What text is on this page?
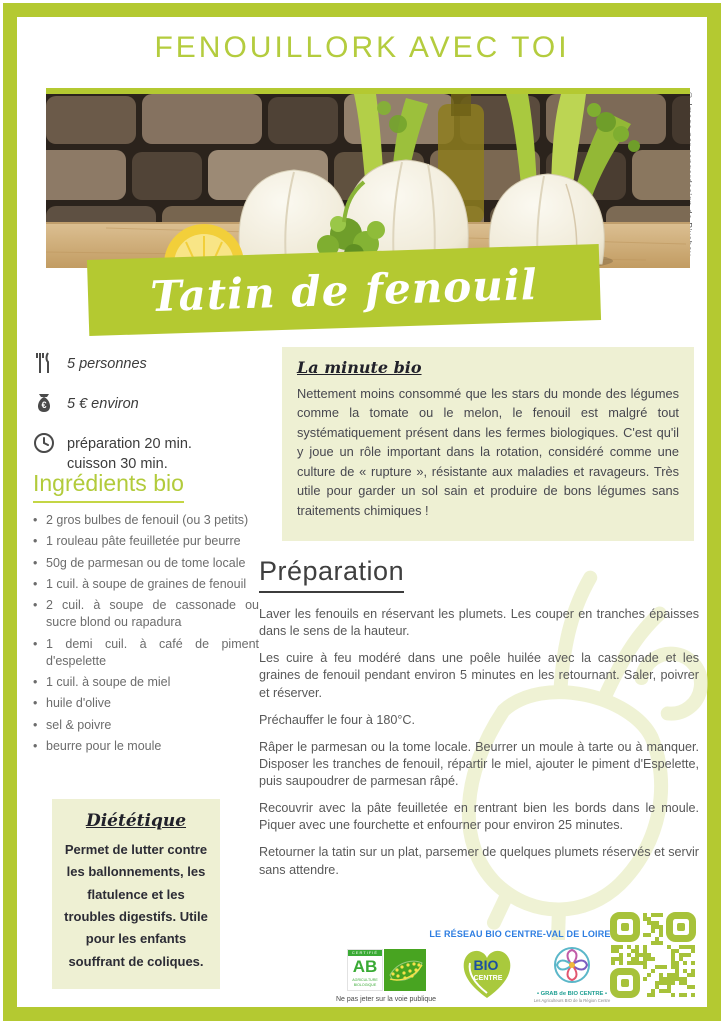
FENOUILLORK AVEC TOI
Tatin de fenouil
5 personnes
€ 5 € environ
préparation 20 min.
cuisson 30 min.
Ingrédients bio
• 2 gros bulbes de fenouil (ou 3 petits)
• 1 rouleau pâte feuilletée pur beurre
• 50g de parmesan ou de tome locale
• 1 cuil. à soupe de graines de fenouil
• 2 cuil. à soupe de cassonade ou sucre blond ou rapadura
• 1 demi cuil. à café de piment d'espelette
• 1 cuil. à soupe de miel
• huile d'olive
• sel & poivre
• beurre pour le moule
La minute bio

Nettement moins consommé que les stars du monde des légumes comme la tomate ou le melon, le fenouil est malgré tout systématiquement présent dans les fermes biologiques. C'est qu'il y joue un rôle important dans la rotation, considéré comme une culture de « rupture », résistante aux maladies et ravageurs. Très utile pour garder un sol sain et produire de bons légumes sans traitements chimiques !

Préparation

Laver les fenouils en réservant les plumets. Les couper en tranches épaisses dans le sens de la hauteur.

Les cuire à feu modéré dans une poêle huilée avec la cassonade et les graines de fenouil pendant environ 5 minutes en les retournant. Saler, poivrer et réserver.

Préchauffer le four à 180°C.

Râper le parmesan ou la tome locale. Beurrer un moule à tarte ou à manquer. Disposer les tranches de fenouil, répartir le miel, ajouter le piment d'Espelette, puis saupoudrer de parmesan râpé.

Recouvrir avec la pâte feuilletée en rentrant bien les bords dans le moule. Piquer avec une fourchette et enfourner pour environ 25 minutes.

Retourner la tatin sur un plat, parsemer de quelques plumets réservés et servir sans attendre.

Diététique

Permet de lutter contre les ballonnements, les flatulence et les troubles digestifs. Utile pour les enfants souffrant de coliques.

LE RÉSEAU BIO CENTRE-VAL DE LOIRE
CERTIFIÉ
AB
AGRICULTURE BIOLOGIQUE
Ne pas jeter sur la voie publique
BIO
CENTRE
• GRAB de BIO CENTRE •
Les Agriculteurs BIO de la Région Centre
